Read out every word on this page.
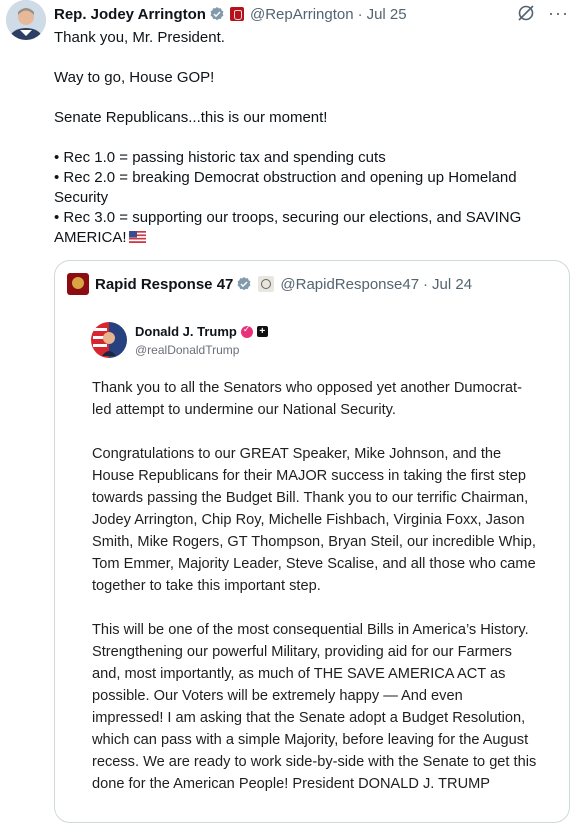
Rep. Jodey Arrington	@RepArrington · Jul 25	···

Thank you, Mr. President.

Way to go, House GOP!

Senate Republicans...this is our moment!

• Rec 1.0 = passing historic tax and spending cuts

• Rec 2.0 = breaking Democrat obstruction and opening up Homeland Security

• Rec 3.0 = supporting our troops, securing our elections, and SAVING AMERICA!

Rapid Response 47	@RapidResponse47 · Jul 24
Donald J. Trump
✓ +
@realDonaldTrump

Thank you to all the Senators who opposed yet another Dumocrat-led attempt to undermine our National Security.

Congratulations to our GREAT Speaker, Mike Johnson, and the House Republicans for their MAJOR success in taking the first step towards passing the Budget Bill. Thank you to our terrific Chairman, Jodey Arrington, Chip Roy, Michelle Fishbach, Virginia Foxx, Jason Smith, Mike Rogers, GT Thompson, Bryan Steil, our incredible Whip, Tom Emmer, Majority Leader, Steve Scalise, and all those who came together to take this important step.

This will be one of the most consequential Bills in America’s History. Strengthening our powerful Military, providing aid for our Farmers and, most importantly, as much of THE SAVE AMERICA ACT as possible. Our Voters will be extremely happy — And even impressed! I am asking that the Senate adopt a Budget Resolution, which can pass with a simple Majority, before leaving for the August recess. We are ready to work side-by-side with the Senate to get this done for the American People! President DONALD J. TRUMP
